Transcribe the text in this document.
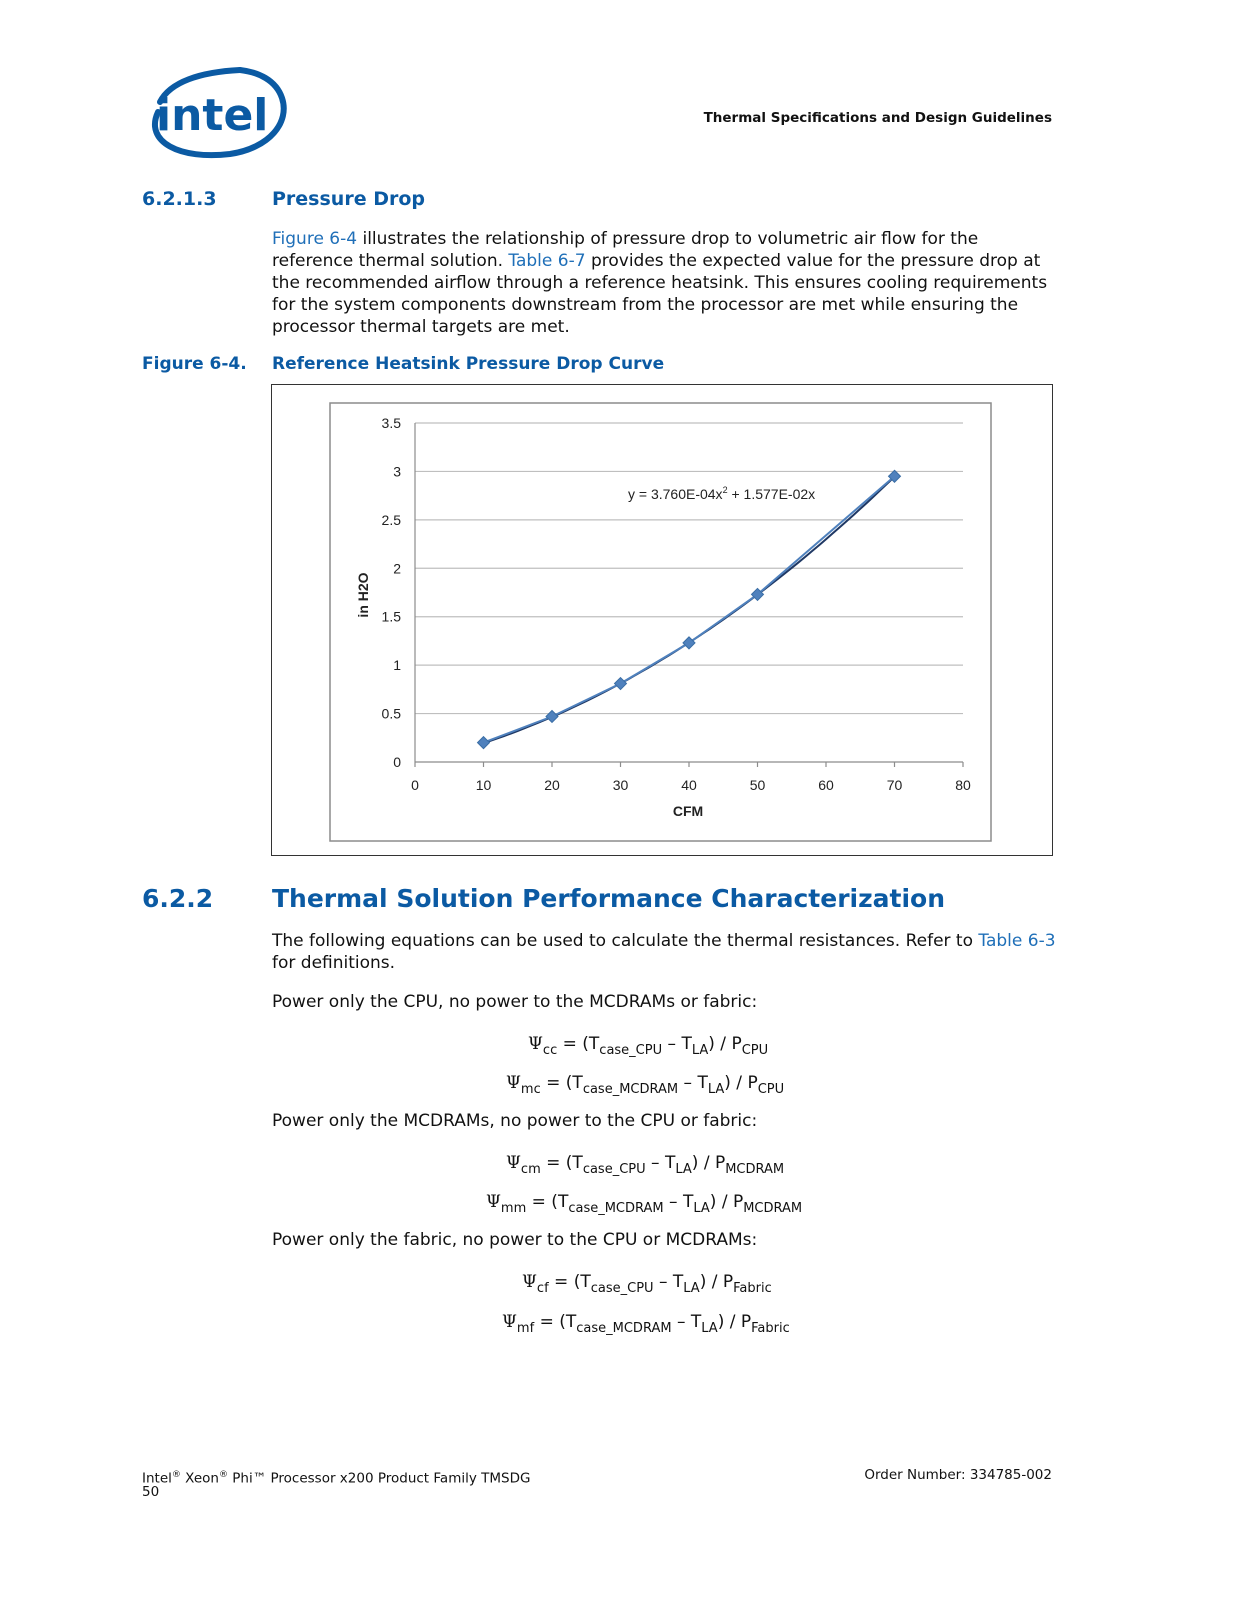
intel	Thermal Specifications and Design Guidelines
6.2.1.3	Pressure Drop
Figure 6-4 illustrates the relationship of pressure drop to volumetric air flow for the reference thermal solution. Table 6-7 provides the expected value for the pressure drop at the recommended airflow through a reference heatsink. This ensures cooling requirements for the system components downstream from the processor are met while ensuring the processor thermal targets are met.
Figure 6-4. Reference Heatsink Pressure Drop Curve
0
0.5
1
1.5
2
2.5
3
3.5
0	10	20	30	40	50	60	70	80
$y = 3.760E-04x^2 + 1.577E-02x$
CFM
in H2O
6.2.2 Thermal Solution Performance Characterization
The following equations can be used to calculate the thermal resistances. Refer to Table 6-3 for definitions.
Power only the CPU, no power to the MCDRAMs or fabric:
Power only the MCDRAMs, no power to the CPU or fabric:
Power only the fabric, no power to the CPU or MCDRAMs:
$\Psi_{cc} = (T_{case\_CPU} - T_{LA}) / P_{CPU}$
$\Psi_{mc} = (T_{case\_MCDRAM} - T_{LA}) / P_{CPU}$
$\Psi_{cm} = (T_{case\_CPU} - T_{LA}) / P_{MCDRAM}$
$\Psi_{mm} = (T_{case\_MCDRAM} - T_{LA}) / P_{MCDRAM}$
$\Psi_{cf} = (T_{case\_CPU} - T_{LA}) / P_{Fabric}$
$\Psi_{mf} = (T_{case\_MCDRAM} - T_{LA}) / P_{Fabric}$
Intel® Xeon® Phi™ Processor x200 Product Family TMSDG
50
Order Number: 334785-002
